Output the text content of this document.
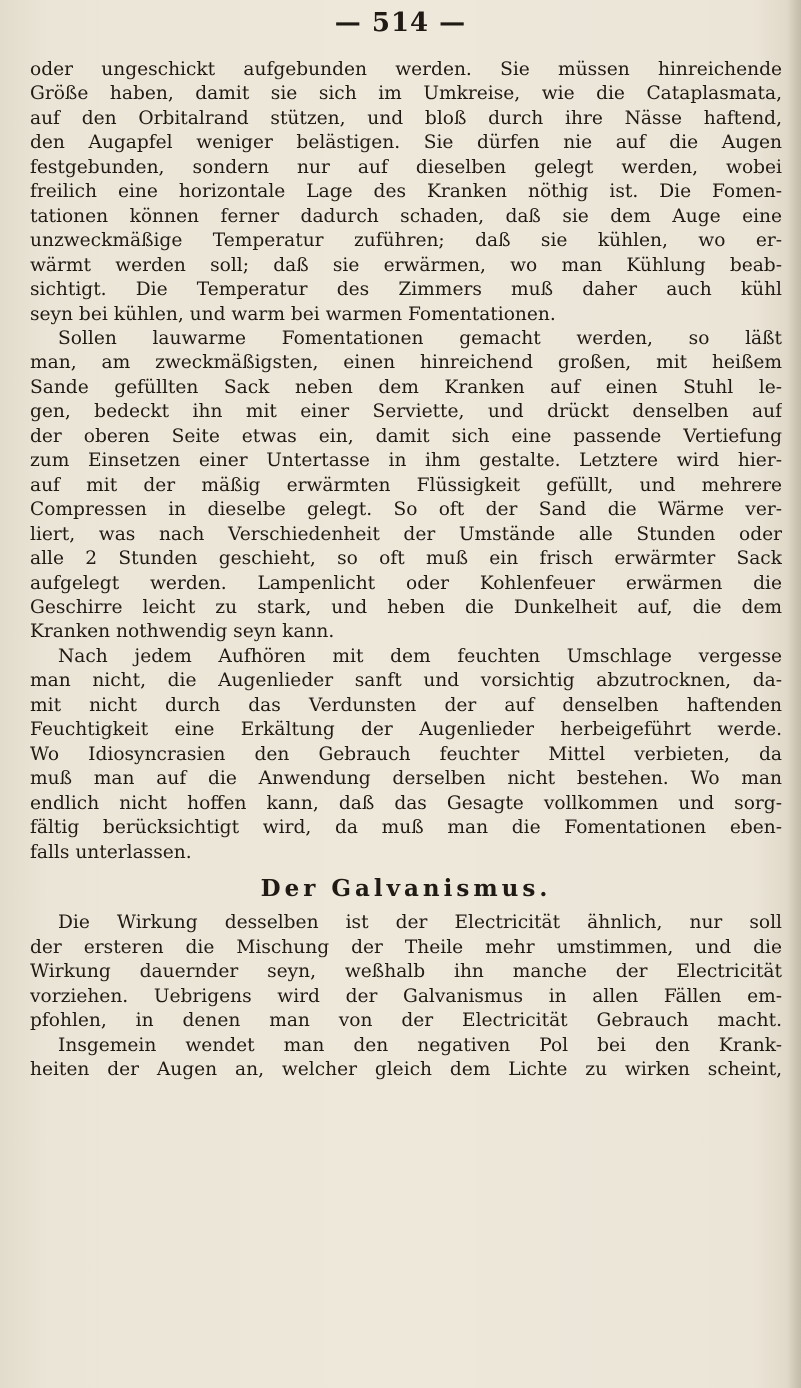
— 514 —
oder ungeschickt aufgebunden werden. Sie müssen hinreichende
Größe haben, damit sie sich im Umkreise, wie die Cataplasmata,
auf den Orbitalrand stützen, und bloß durch ihre Nässe haftend,
den Augapfel weniger belästigen. Sie dürfen nie auf die Augen
festgebunden, sondern nur auf dieselben gelegt werden, wobei
freilich eine horizontale Lage des Kranken nöthig ist. Die Fomen-
tationen können ferner dadurch schaden, daß sie dem Auge eine
unzweckmäßige Temperatur zuführen; daß sie kühlen, wo er-
wärmt werden soll; daß sie erwärmen, wo man Kühlung beab-
sichtigt. Die Temperatur des Zimmers muß daher auch kühl
seyn bei kühlen, und warm bei warmen Fomentationen.
Sollen lauwarme Fomentationen gemacht werden, so läßt
man, am zweckmäßigsten, einen hinreichend großen, mit heißem
Sande gefüllten Sack neben dem Kranken auf einen Stuhl le-
gen, bedeckt ihn mit einer Serviette, und drückt denselben auf
der oberen Seite etwas ein, damit sich eine passende Vertiefung
zum Einsetzen einer Untertasse in ihm gestalte. Letztere wird hier-
auf mit der mäßig erwärmten Flüssigkeit gefüllt, und mehrere
Compressen in dieselbe gelegt. So oft der Sand die Wärme ver-
liert, was nach Verschiedenheit der Umstände alle Stunden oder
alle 2 Stunden geschieht, so oft muß ein frisch erwärmter Sack
aufgelegt werden. Lampenlicht oder Kohlenfeuer erwärmen die
Geschirre leicht zu stark, und heben die Dunkelheit auf, die dem
Kranken nothwendig seyn kann.
Nach jedem Aufhören mit dem feuchten Umschlage vergesse
man nicht, die Augenlieder sanft und vorsichtig abzutrocknen, da-
mit nicht durch das Verdunsten der auf denselben haftenden
Feuchtigkeit eine Erkältung der Augenlieder herbeigeführt werde.
Wo Idiosyncrasien den Gebrauch feuchter Mittel verbieten, da
muß man auf die Anwendung derselben nicht bestehen. Wo man
endlich nicht hoffen kann, daß das Gesagte vollkommen und sorg-
fältig berücksichtigt wird, da muß man die Fomentationen eben-
falls unterlassen.
Der Galvanismus.
Die Wirkung desselben ist der Electricität ähnlich, nur soll
der ersteren die Mischung der Theile mehr umstimmen, und die
Wirkung dauernder seyn, weßhalb ihn manche der Electricität
vorziehen. Uebrigens wird der Galvanismus in allen Fällen em-
pfohlen, in denen man von der Electricität Gebrauch macht.
Insgemein wendet man den negativen Pol bei den Krank-
heiten der Augen an, welcher gleich dem Lichte zu wirken scheint,
